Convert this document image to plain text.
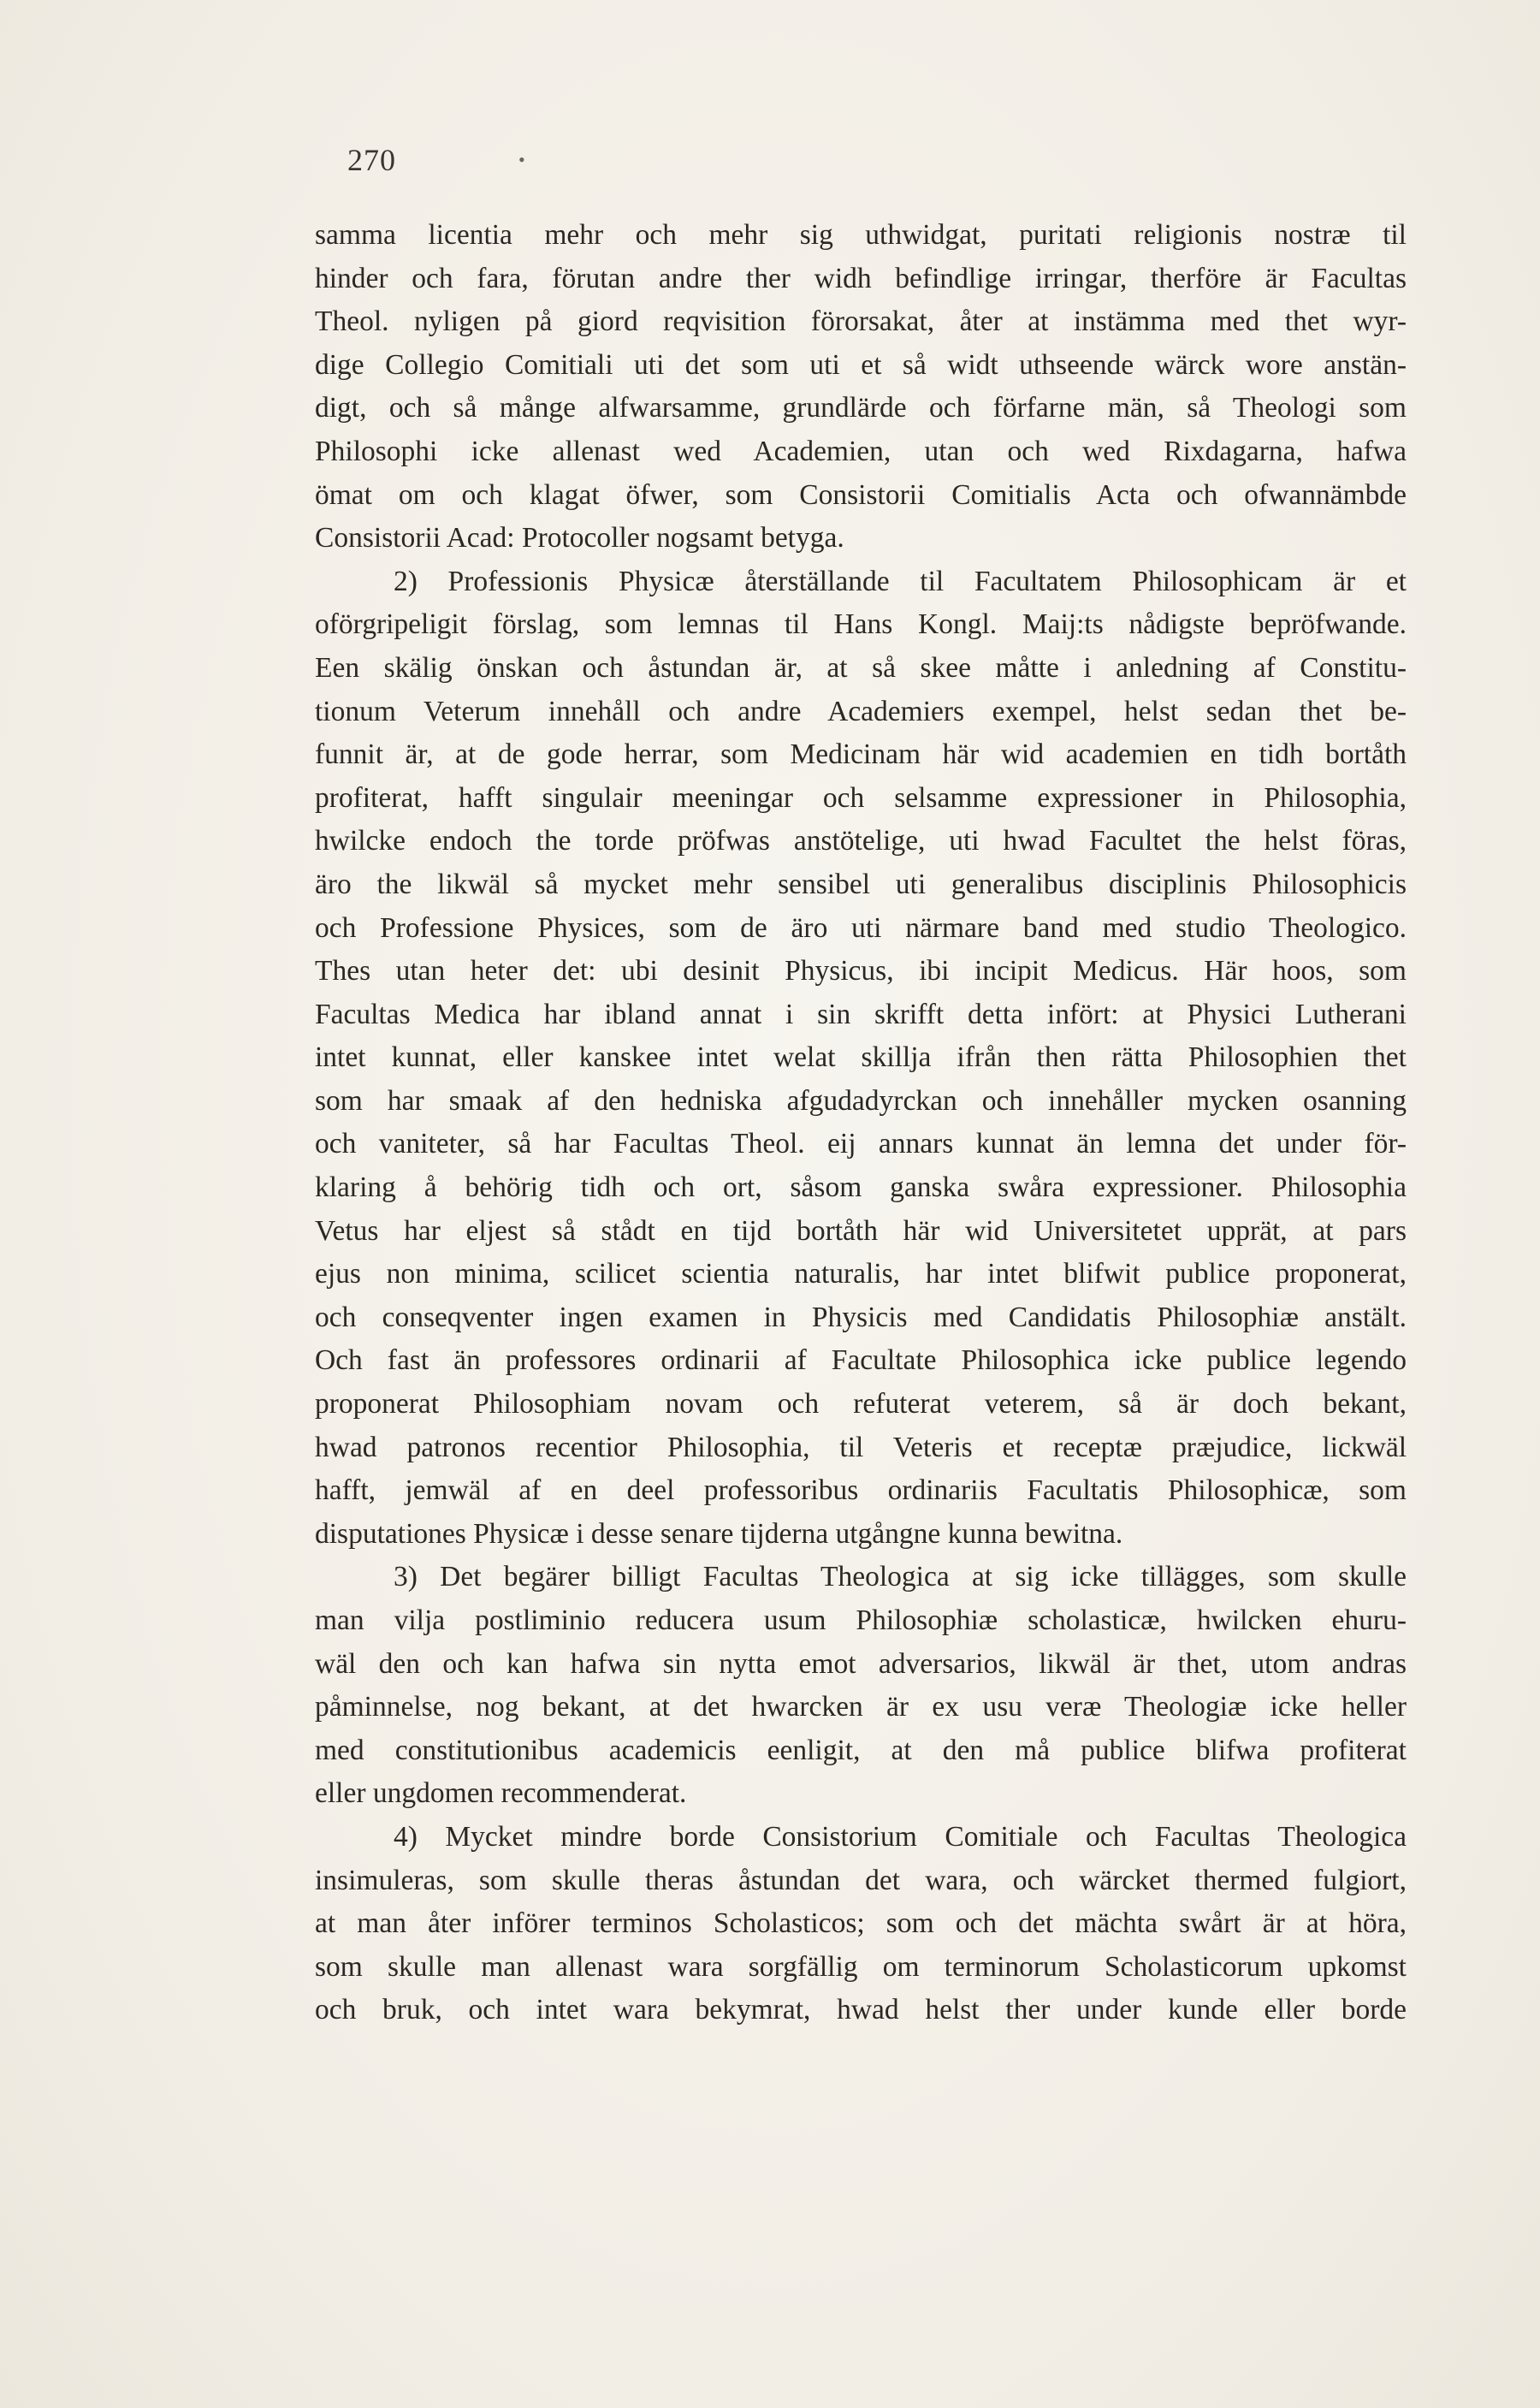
270	•
samma licentia mehr och mehr sig uthwidgat, puritati religionis nostræ til
hinder och fara, förutan andre ther widh befindlige irringar, therföre är Facultas
Theol. nyligen på giord reqvisition förorsakat, åter at instämma med thet wyr-
dige Collegio Comitiali uti det som uti et så widt uthseende wärck wore anstän-
digt, och så månge alfwarsamme, grundlärde och förfarne män, så Theologi som
Philosophi icke allenast wed Academien, utan och wed Rixdagarna, hafwa
ömat om och klagat öfwer, som Consistorii Comitialis Acta och ofwannämbde
Consistorii Acad: Protocoller nogsamt betyga.
2) Professionis Physicæ återställande til Facultatem Philosophicam är et
oförgripeligit förslag, som lemnas til Hans Kongl. Maij:ts nådigste bepröfwande.
Een skälig önskan och åstundan är, at så skee måtte i anledning af Constitu-
tionum Veterum innehåll och andre Academiers exempel, helst sedan thet be-
funnit är, at de gode herrar, som Medicinam här wid academien en tidh bortåth
profiterat, hafft singulair meeningar och selsamme expressioner in Philosophia,
hwilcke endoch the torde pröfwas anstötelige, uti hwad Facultet the helst föras,
äro the likwäl så mycket mehr sensibel uti generalibus disciplinis Philosophicis
och Professione Physices, som de äro uti närmare band med studio Theologico.
Thes utan heter det: ubi desinit Physicus, ibi incipit Medicus. Här hoos, som
Facultas Medica har ibland annat i sin skrifft detta infört: at Physici Lutherani
intet kunnat, eller kanskee intet welat skillja ifrån then rätta Philosophien thet
som har smaak af den hedniska afgudadyrckan och innehåller mycken osanning
och vaniteter, så har Facultas Theol. eij annars kunnat än lemna det under för-
klaring å behörig tidh och ort, såsom ganska swåra expressioner. Philosophia
Vetus har eljest så stådt en tijd bortåth här wid Universitetet upprät, at pars
ejus non minima, scilicet scientia naturalis, har intet blifwit publice proponerat,
och conseqventer ingen examen in Physicis med Candidatis Philosophiæ anstält.
Och fast än professores ordinarii af Facultate Philosophica icke publice legendo
proponerat Philosophiam novam och refuterat veterem, så är doch bekant,
hwad patronos recentior Philosophia, til Veteris et receptæ præjudice, lickwäl
hafft, jemwäl af en deel professoribus ordinariis Facultatis Philosophicæ, som
disputationes Physicæ i desse senare tijderna utgångne kunna bewitna.
3) Det begärer billigt Facultas Theologica at sig icke tillägges, som skulle
man vilja postliminio reducera usum Philosophiæ scholasticæ, hwilcken ehuru-
wäl den och kan hafwa sin nytta emot adversarios, likwäl är thet, utom andras
påminnelse, nog bekant, at det hwarcken är ex usu veræ Theologiæ icke heller
med constitutionibus academicis eenligit, at den må publice blifwa profiterat
eller ungdomen recommenderat.
4) Mycket mindre borde Consistorium Comitiale och Facultas Theologica
insimuleras, som skulle theras åstundan det wara, och wärcket thermed fulgiort,
at man åter införer terminos Scholasticos; som och det mächta swårt är at höra,
som skulle man allenast wara sorgfällig om terminorum Scholasticorum upkomst
och bruk, och intet wara bekymrat, hwad helst ther under kunde eller borde
